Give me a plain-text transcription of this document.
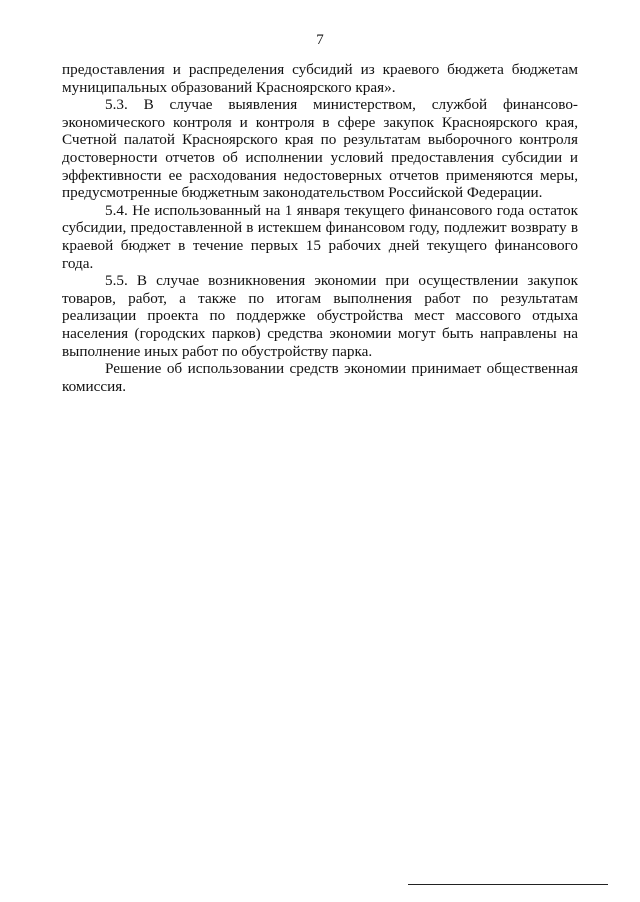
7

предоставления и распределения субсидий из краевого бюджета бюджетам муниципальных образований Красноярского края».

5.3. В случае выявления министерством, службой финансово-экономического контроля и контроля в сфере закупок Красноярского края, Счетной палатой Красноярского края по результатам выборочного контроля достоверности отчетов об исполнении условий предоставления субсидии и эффективности ее расходования недостоверных отчетов применяются меры, предусмотренные бюджетным законодательством Российской Федерации.

5.4. Не использованный на 1 января текущего финансового года остаток субсидии, предоставленной в истекшем финансовом году, подлежит возврату в краевой бюджет в течение первых 15 рабочих дней текущего финансового года.

5.5. В случае возникновения экономии при осуществлении закупок товаров, работ, а также по итогам выполнения работ по результатам реализации проекта по поддержке обустройства мест массового отдыха населения (городских парков) средства экономии могут быть направлены на выполнение иных работ по обустройству парка.

Решение об использовании средств экономии принимает общественная комиссия.
